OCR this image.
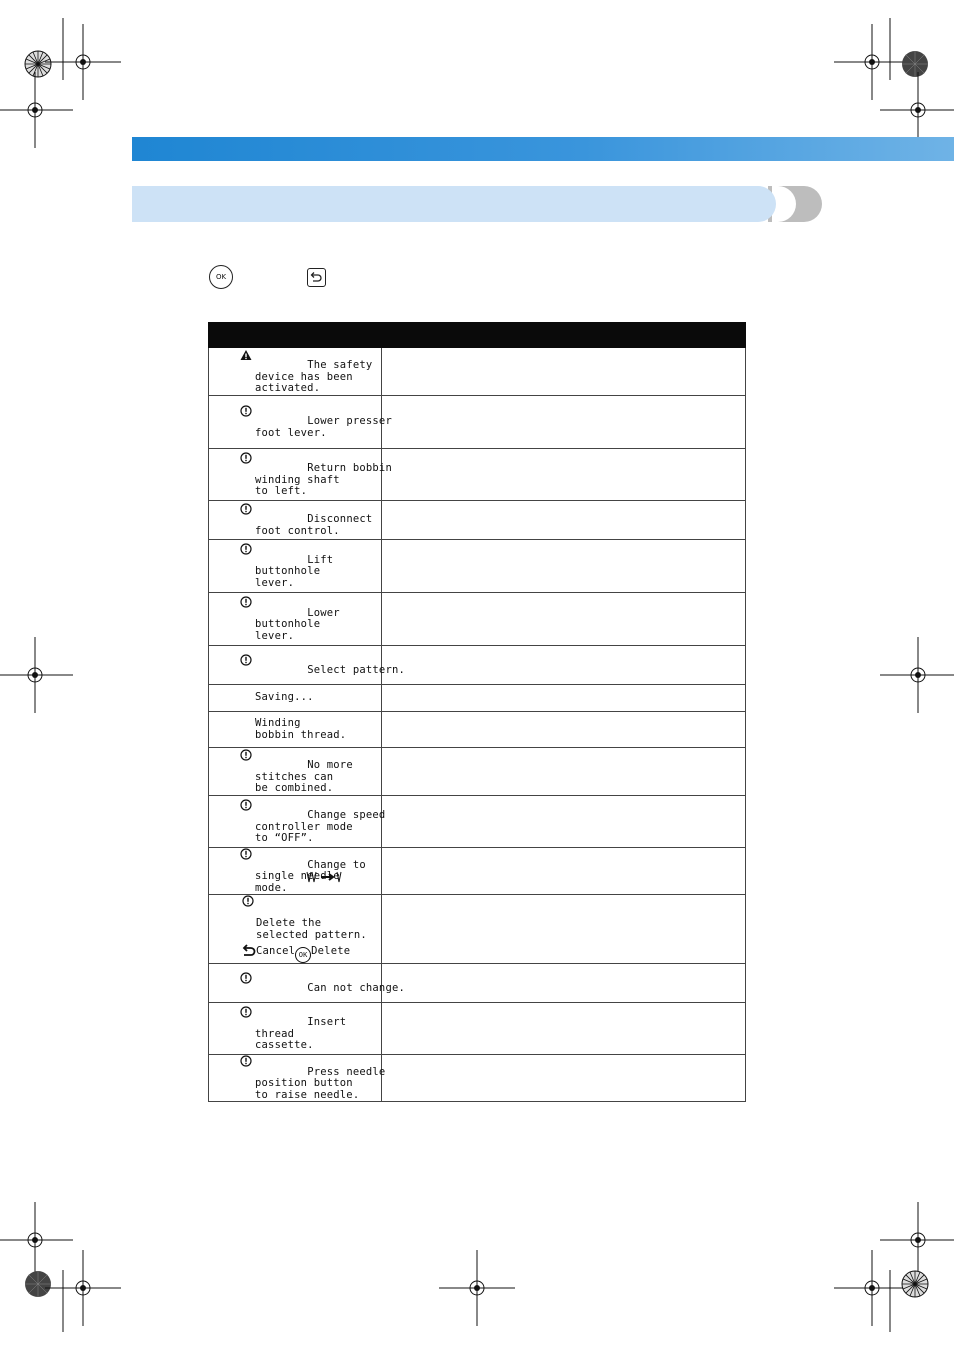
OK

The safety
device has been
activated.	

Lower presser
foot lever.	

Return bobbin
winding shaft
to left.	

Disconnect
foot control.	

Lift
buttonhole
lever.	

Lower
buttonhole
lever.	

Select pattern.	

Saving...	

Winding
bobbin thread.	

No more
stitches can
be combined.	

Change speed
controller mode
to “OFF”.	

Change to
single needle
mode.	

Delete the
selected pattern.
Cancel OK Delete	

Can not change.	

Insert
thread
cassette.	

Press needle
position button
to raise needle.	
